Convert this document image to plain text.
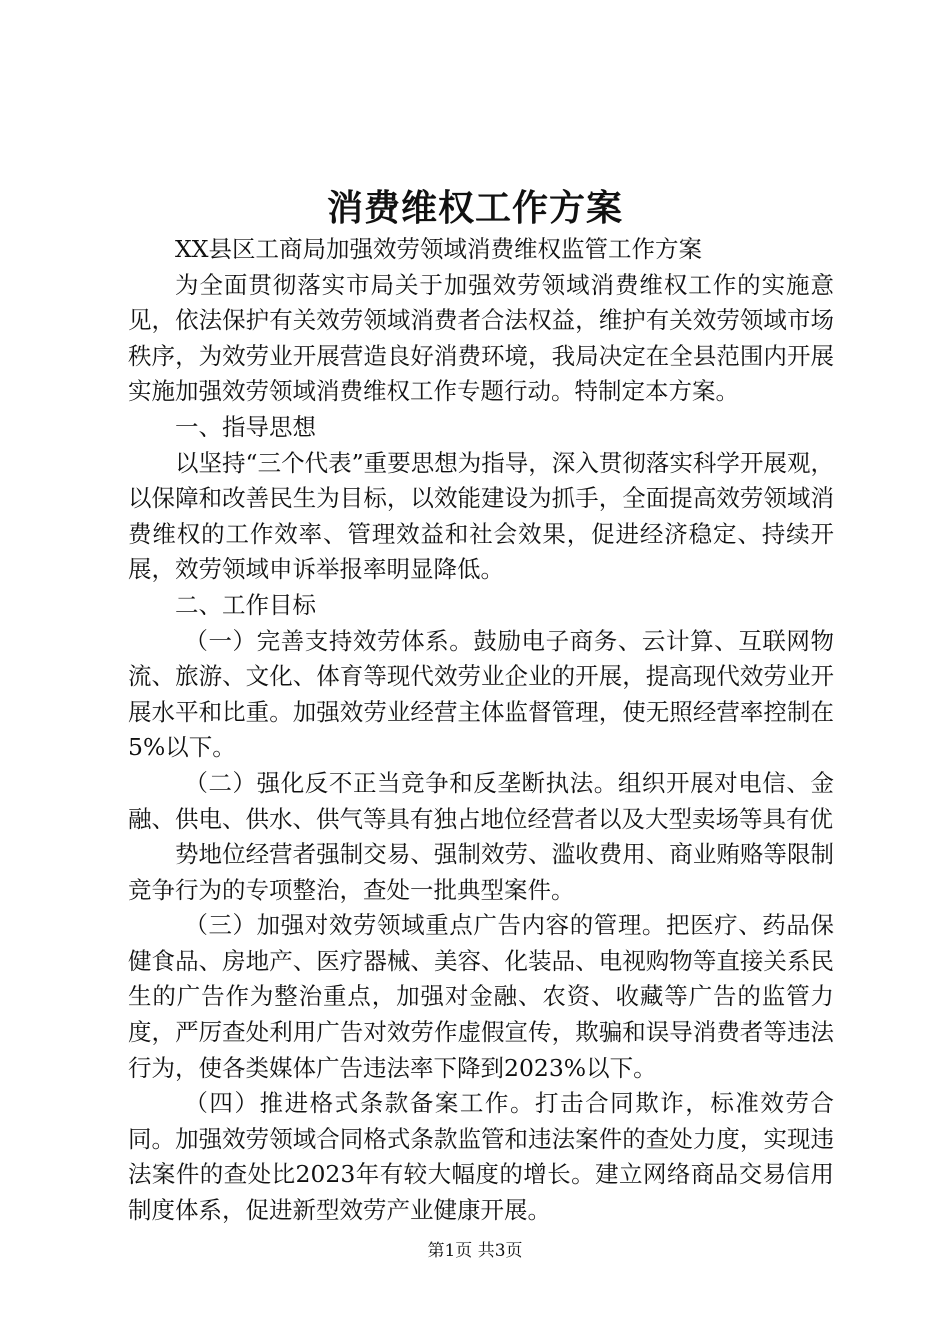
消费维权工作方案

XX县区工商局加强效劳领域消费维权监管工作方案

为全面贯彻落实市局关于加强效劳领域消费维权工作的实施意见，依法保护有关效劳领域消费者合法权益，维护有关效劳领域市场秩序，为效劳业开展营造良好消费环境，我局决定在全县范围内开展实施加强效劳领域消费维权工作专题行动。特制定本方案。

一、指导思想

以坚持“三个代表”重要思想为指导，深入贯彻落实科学开展观，以保障和改善民生为目标，以效能建设为抓手，全面提高效劳领域消费维权的工作效率、管理效益和社会效果，促进经济稳定、持续开展，效劳领域申诉举报率明显降低。

二、工作目标

（一）完善支持效劳体系。鼓励电子商务、云计算、互联网物流、旅游、文化、体育等现代效劳业企业的开展，提高现代效劳业开展水平和比重。加强效劳业经营主体监督管理，使无照经营率控制在5%以下。

（二）强化反不正当竞争和反垄断执法。组织开展对电信、金融、供电、供水、供气等具有独占地位经营者以及大型卖场等具有优

势地位经营者强制交易、强制效劳、滥收费用、商业贿赂等限制竞争行为的专项整治，查处一批典型案件。

（三）加强对效劳领域重点广告内容的管理。把医疗、药品保健食品、房地产、医疗器械、美容、化装品、电视购物等直接关系民生的广告作为整治重点，加强对金融、农资、收藏等广告的监管力度，严厉查处利用广告对效劳作虚假宣传，欺骗和误导消费者等违法行为，使各类媒体广告违法率下降到2023%以下。

（四）推进格式条款备案工作。打击合同欺诈，标准效劳合同。加强效劳领域合同格式条款监管和违法案件的查处力度，实现违法案件的查处比2023年有较大幅度的增长。建立网络商品交易信用制度体系，促进新型效劳产业健康开展。

第1页 共3页
